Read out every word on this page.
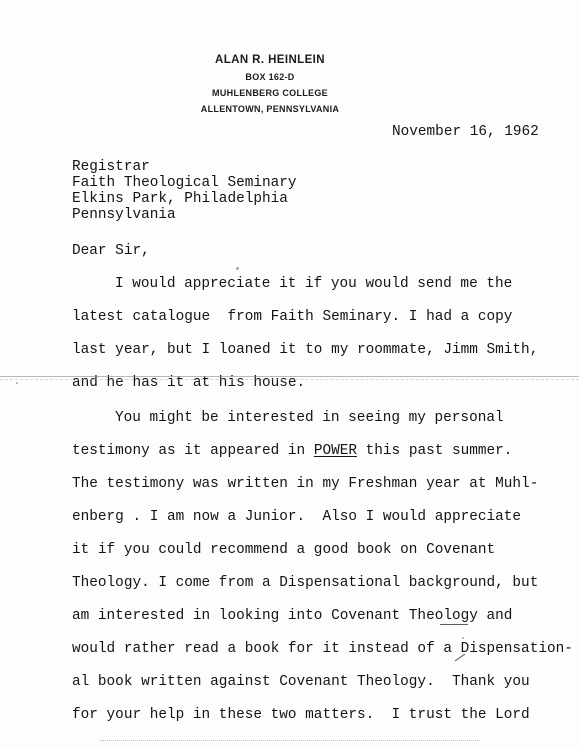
ALAN R. HEINLEIN
BOX 162-D
MUHLENBERG COLLEGE
ALLENTOWN, PENNSYLVANIA
November 16, 1962
Registrar
Faith Theological Seminary
Elkins Park, Philadelphia
Pennsylvania
Dear Sir,
I would appreciate it if you would send me the
latest catalogue  from Faith Seminary. I had a copy
last year, but I loaned it to my roommate, Jimm Smith,
and he has it at his house.
You might be interested in seeing my personal
testimony as it appeared in POWER this past summer.
The testimony was written in my Freshman year at Muhl-
enberg . I am now a Junior.  Also I would appreciate
it if you could recommend a good book on Covenant
Theology. I come from a Dispensational background, but
am interested in looking into Covenant Theology and
would rather read a book for it instead of a Dispensation-
al book written against Covenant Theology.  Thank you
for your help in these two matters.  I trust the Lord
